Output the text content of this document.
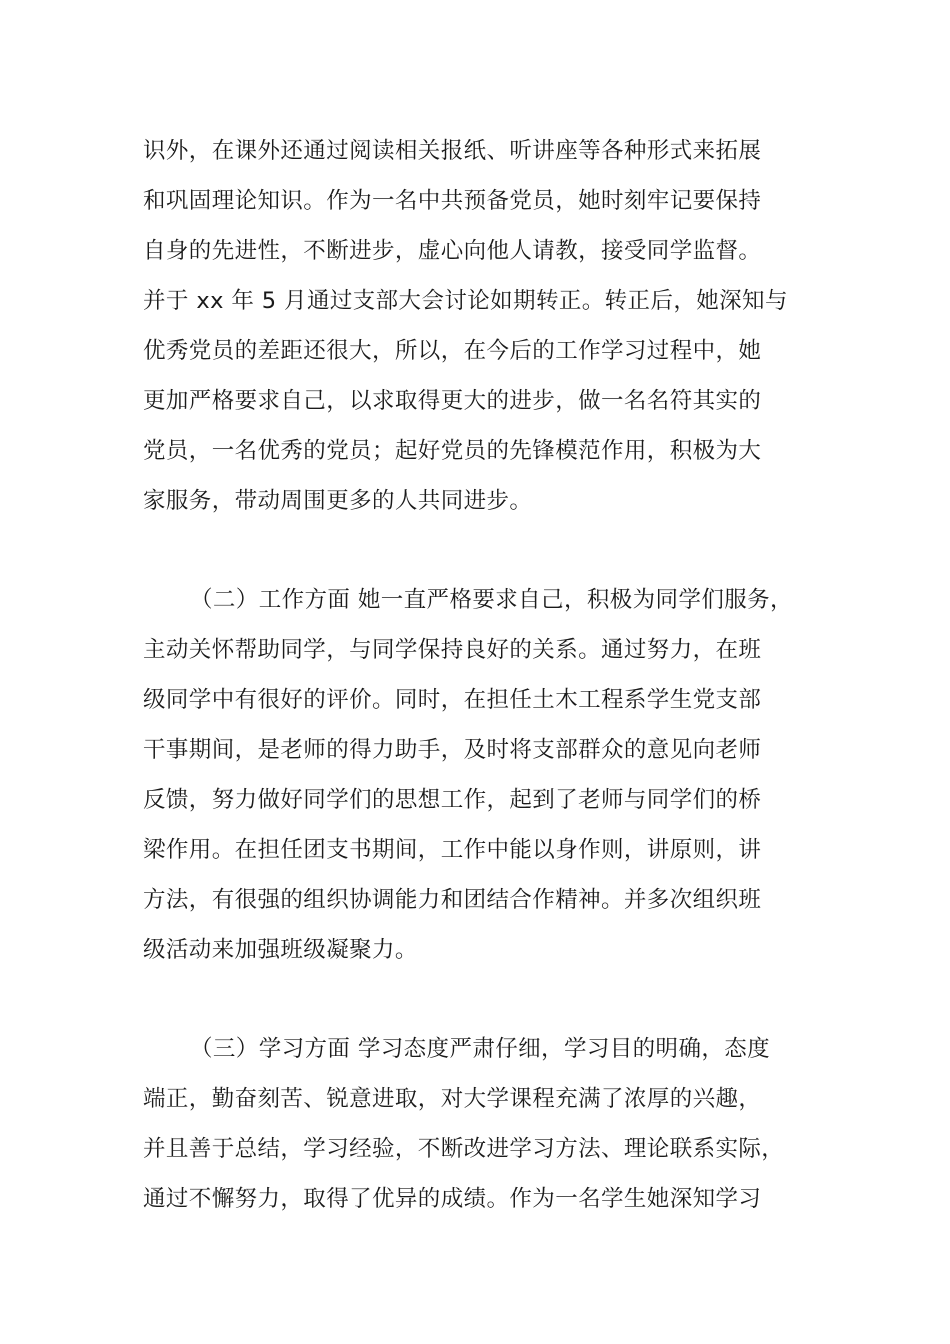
识外，在课外还通过阅读相关报纸、听讲座等各种形式来拓展
和巩固理论知识。作为一名中共预备党员，她时刻牢记要保持
自身的先进性，不断进步，虚心向他人请教，接受同学监督。
并于 xx 年 5 月通过支部大会讨论如期转正。转正后，她深知与
优秀党员的差距还很大，所以，在今后的工作学习过程中，她
更加严格要求自己，以求取得更大的进步，做一名名符其实的
党员，一名优秀的党员；起好党员的先锋模范作用，积极为大
家服务，带动周围更多的人共同进步。
（二）工作方面 她一直严格要求自己，积极为同学们服务，
主动关怀帮助同学，与同学保持良好的关系。通过努力，在班
级同学中有很好的评价。同时，在担任土木工程系学生党支部
干事期间，是老师的得力助手，及时将支部群众的意见向老师
反馈，努力做好同学们的思想工作，起到了老师与同学们的桥
梁作用。在担任团支书期间，工作中能以身作则，讲原则，讲
方法，有很强的组织协调能力和团结合作精神。并多次组织班
级活动来加强班级凝聚力。
（三）学习方面 学习态度严肃仔细，学习目的明确，态度
端正，勤奋刻苦、锐意进取，对大学课程充满了浓厚的兴趣，
并且善于总结，学习经验，不断改进学习方法、理论联系实际，
通过不懈努力，取得了优异的成绩。作为一名学生她深知学习
